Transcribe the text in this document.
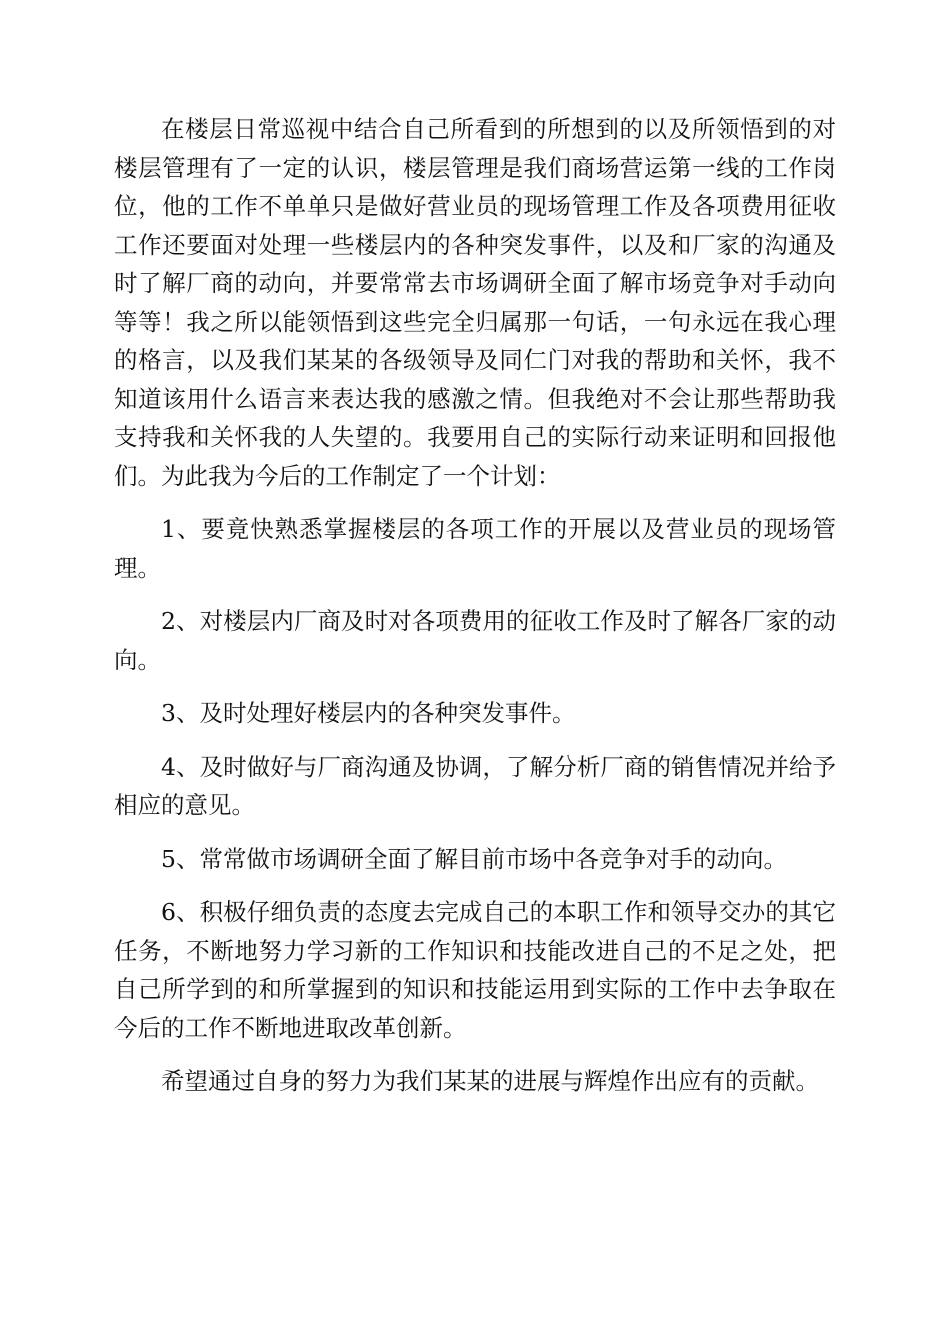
在楼层日常巡视中结合自己所看到的所想到的以及所领悟到的对楼层管理有了一定的认识，楼层管理是我们商场营运第一线的工作岗位，他的工作不单单只是做好营业员的现场管理工作及各项费用征收工作还要面对处理一些楼层内的各种突发事件，以及和厂家的沟通及时了解厂商的动向，并要常常去市场调研全面了解市场竞争对手动向等等！我之所以能领悟到这些完全归属那一句话，一句永远在我心理的格言，以及我们某某的各级领导及同仁门对我的帮助和关怀，我不知道该用什么语言来表达我的感激之情。但我绝对不会让那些帮助我支持我和关怀我的人失望的。我要用自己的实际行动来证明和回报他们。为此我为今后的工作制定了一个计划：

1、要竟快熟悉掌握楼层的各项工作的开展以及营业员的现场管理。

2、对楼层内厂商及时对各项费用的征收工作及时了解各厂家的动向。

3、及时处理好楼层内的各种突发事件。

4、及时做好与厂商沟通及协调，了解分析厂商的销售情况并给予相应的意见。

5、常常做市场调研全面了解目前市场中各竞争对手的动向。

6、积极仔细负责的态度去完成自己的本职工作和领导交办的其它任务，不断地努力学习新的工作知识和技能改进自己的不足之处，把自己所学到的和所掌握到的知识和技能运用到实际的工作中去争取在今后的工作不断地进取改革创新。

希望通过自身的努力为我们某某的进展与辉煌作出应有的贡献。
